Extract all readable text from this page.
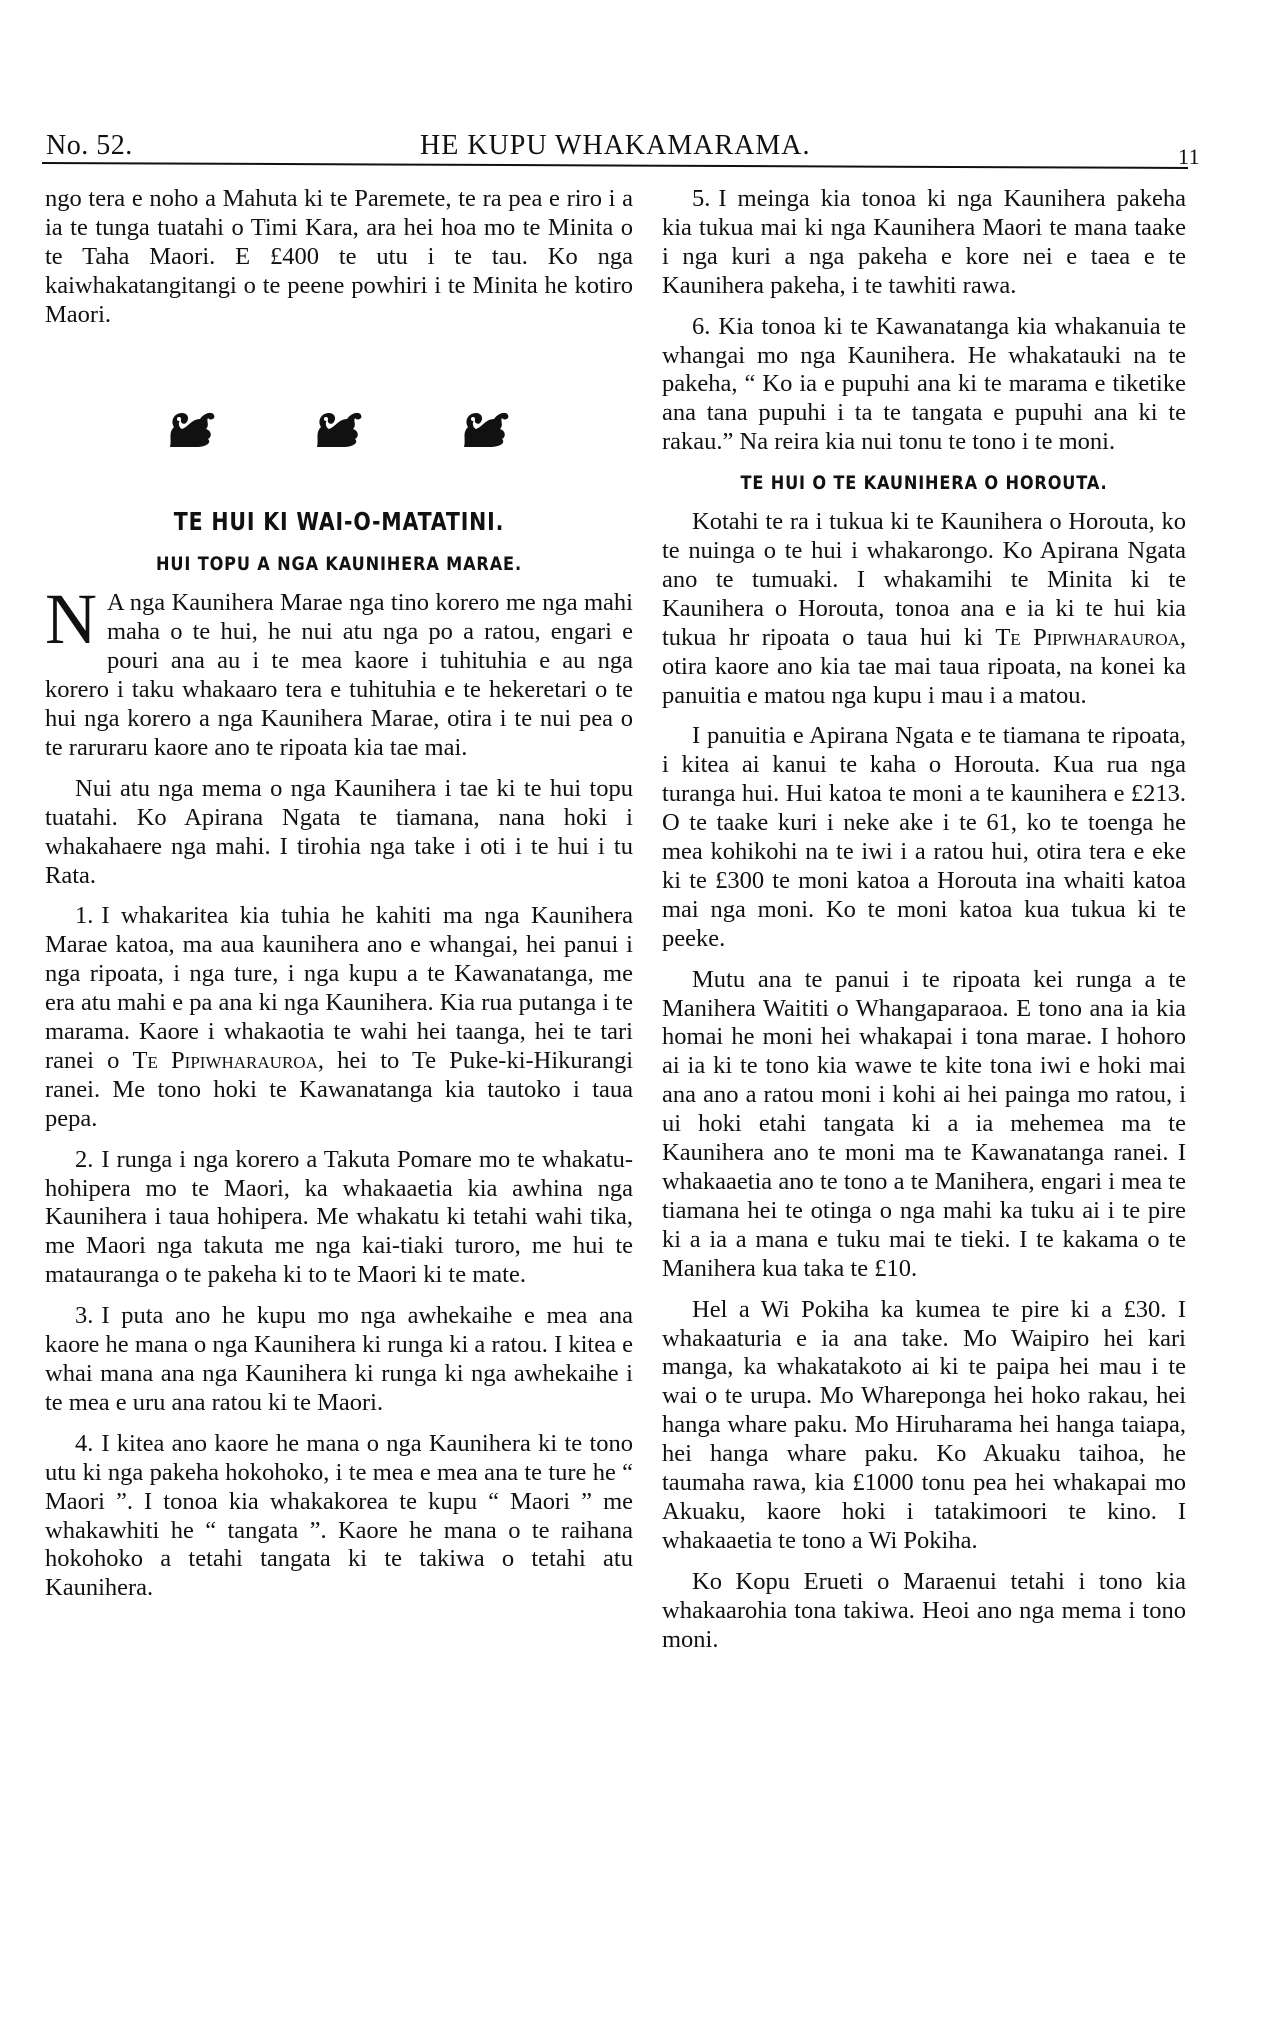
No. 52.	HE KUPU WHAKAMARAMA.	11

ngo tera e noho a Mahuta ki te Paremete, te ra pea e riro i a ia te tunga tuatahi o Timi Kara, ara hei hoa mo te Minita o te Taha Maori. E £400 te utu i te tau. Ko nga kaiwhakatangitangi o te peene powhiri i te Minita he kotiro Maori.

TE HUI KI WAI-O-MATATINI.
HUI TOPU A NGA KAUNIHERA MARAE.

N A nga Kaunihera Marae nga tino korero me nga mahi maha o te hui, he nui atu nga po a ratou, engari e pouri ana au i te mea kaore i tuhituhia e au nga korero i taku whakaaro tera e tuhituhia e te hekeretari o te hui nga korero a nga Kaunihera Marae, otira i te nui pea o te raruraru kaore ano te ripoata kia tae mai.

Nui atu nga mema o nga Kaunihera i tae ki te hui topu tuatahi. Ko Apirana Ngata te tiamana, nana hoki i whakahaere nga mahi. I tirohia nga take i oti i te hui i tu Rata.

1. I whakaritea kia tuhia he kahiti ma nga Kaunihera Marae katoa, ma aua kaunihera ano e whangai, hei panui i nga ripoata, i nga ture, i nga kupu a te Kawanatanga, me era atu mahi e pa ana ki nga Kaunihera. Kia rua putanga i te marama. Kaore i whakaotia te wahi hei taanga, hei te tari ranei o Te Pipiwharauroa, hei to Te Puke-ki-Hikurangi ranei. Me tono hoki te Kawanatanga kia tautoko i taua pepa.

2. I runga i nga korero a Takuta Pomare mo te whakatu-hohipera mo te Maori, ka whakaaetia kia awhina nga Kaunihera i taua hohipera. Me whakatu ki tetahi wahi tika, me Maori nga takuta me nga kai-tiaki turoro, me hui te matauranga o te pakeha ki to te Maori ki te mate.

3. I puta ano he kupu mo nga awhekaihe e mea ana kaore he mana o nga Kaunihera ki runga ki a ratou. I kitea e whai mana ana nga Kaunihera ki runga ki nga awhekaihe i te mea e uru ana ratou ki te Maori.

4. I kitea ano kaore he mana o nga Kaunihera ki te tono utu ki nga pakeha hokohoko, i te mea e mea ana te ture he “ Maori ”. I tonoa kia whakakorea te kupu “ Maori ” me whakawhiti he “ tangata ”. Kaore he mana o te raihana hokohoko a tetahi tangata ki te takiwa o tetahi atu Kaunihera.

5. I meinga kia tonoa ki nga Kaunihera pakeha kia tukua mai ki nga Kaunihera Maori te mana taake i nga kuri a nga pakeha e kore nei e taea e te Kaunihera pakeha, i te tawhiti rawa.

6. Kia tonoa ki te Kawanatanga kia whakanuia te whangai mo nga Kaunihera. He whakatauki na te pakeha, “ Ko ia e pupuhi ana ki te marama e tiketike ana tana pupuhi i ta te tangata e pupuhi ana ki te rakau.” Na reira kia nui tonu te tono i te moni.

TE HUI O TE KAUNIHERA O HOROUTA.

Kotahi te ra i tukua ki te Kaunihera o Horouta, ko te nuinga o te hui i whakarongo. Ko Apirana Ngata ano te tumuaki. I whakamihi te Minita ki te Kaunihera o Horouta, tonoa ana e ia ki te hui kia tukua hr ripoata o taua hui ki Te Pipiwharauroa, otira kaore ano kia tae mai taua ripoata, na konei ka panuitia e matou nga kupu i mau i a matou.

I panuitia e Apirana Ngata e te tiamana te ripoata, i kitea ai kanui te kaha o Horouta. Kua rua nga turanga hui. Hui katoa te moni a te kaunihera e £213. O te taake kuri i neke ake i te 61, ko te toenga he mea kohikohi na te iwi i a ratou hui, otira tera e eke ki te £300 te moni katoa a Horouta ina whaiti katoa mai nga moni. Ko te moni katoa kua tukua ki te peeke.

Mutu ana te panui i te ripoata kei runga a te Manihera Waititi o Whangaparaoa. E tono ana ia kia homai he moni hei whakapai i tona marae. I hohoro ai ia ki te tono kia wawe te kite tona iwi e hoki mai ana ano a ratou moni i kohi ai hei painga mo ratou, i ui hoki etahi tangata ki a ia mehemea ma te Kaunihera ano te moni ma te Kawanatanga ranei. I whakaaetia ano te tono a te Manihera, engari i mea te tiamana hei te otinga o nga mahi ka tuku ai i te pire ki a ia a mana e tuku mai te tieki. I te kakama o te Manihera kua taka te £10.

Hel a Wi Pokiha ka kumea te pire ki a £30. I whakaaturia e ia ana take. Mo Waipiro hei kari manga, ka whakatakoto ai ki te paipa hei mau i te wai o te urupa. Mo Whareponga hei hoko rakau, hei hanga whare paku. Mo Hiruharama hei hanga taiapa, hei hanga whare paku. Ko Akuaku taihoa, he taumaha rawa, kia £1000 tonu pea hei whakapai mo Akuaku, kaore hoki i tatakimoori te kino. I whakaaetia te tono a Wi Pokiha.

Ko Kopu Erueti o Maraenui tetahi i tono kia whakaarohia tona takiwa. Heoi ano nga mema i tono moni.
